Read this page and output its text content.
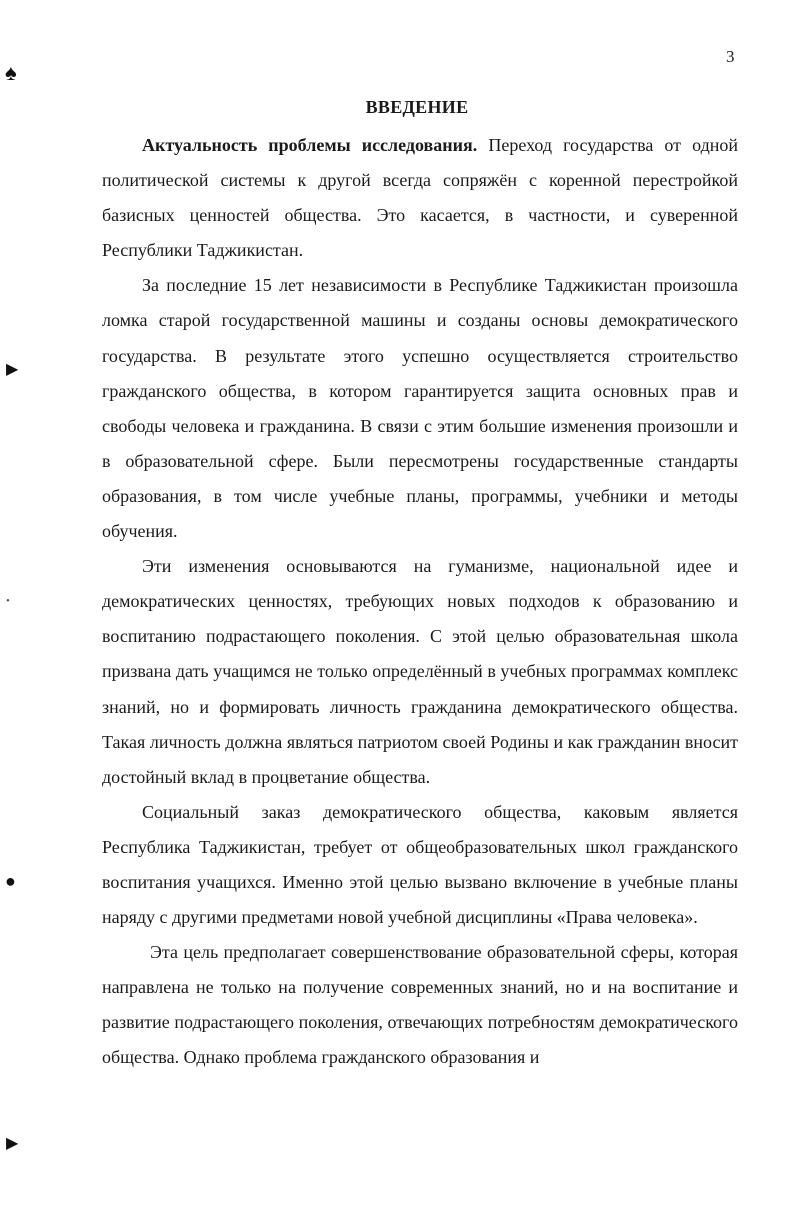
♠
▶
•
●
▶
3
ВВЕДЕНИЕ

Актуальность проблемы исследования. Переход государства от одной политической системы к другой всегда сопряжён с коренной перестройкой базисных ценностей общества. Это касается, в частности, и суверенной Республики Таджикистан.

За последние 15 лет независимости в Республике Таджикистан произошла ломка старой государственной машины и созданы основы демократического государства. В результате этого успешно осуществляется строительство гражданского общества, в котором гарантируется защита основных прав и свободы человека и гражданина. В связи с этим большие изменения произошли и в образовательной сфере. Были пересмотрены государственные стандарты образования, в том числе учебные планы, программы, учебники и методы обучения.

Эти изменения основываются на гуманизме, национальной идее и демократических ценностях, требующих новых подходов к образованию и воспитанию подрастающего поколения. С этой целью образовательная школа призвана дать учащимся не только определённый в учебных программах комплекс знаний, но и формировать личность гражданина демократического общества. Такая личность должна являться патриотом своей Родины и как гражданин вносит достойный вклад в процветание общества.

Социальный заказ демократического общества, каковым является Республика Таджикистан, требует от общеобразовательных школ гражданского воспитания учащихся. Именно этой целью вызвано включение в учебные планы наряду с другими предметами новой учебной дисциплины «Права человека».

Эта цель предполагает совершенствование образовательной сферы, которая направлена не только на получение современных знаний, но и на воспитание и развитие подрастающего поколения, отвечающих потребностям демократического общества. Однако проблема гражданского образования и
